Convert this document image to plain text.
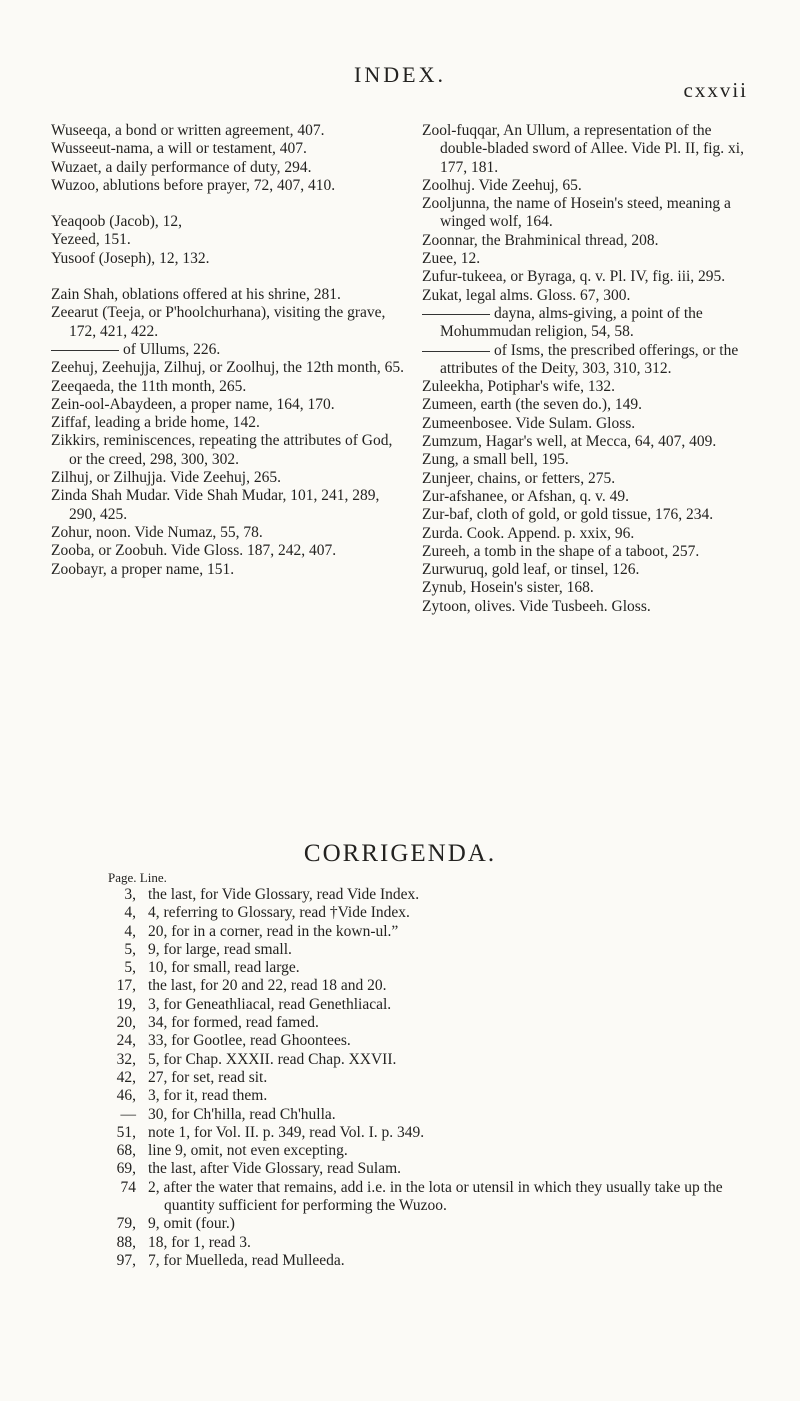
INDEX.
cxxvii
Wuseeqa, a bond or written agreement, 407.
Wusseeut-nama, a will or testament, 407.
Wuzaet, a daily performance of duty, 294.
Wuzoo, ablutions before prayer, 72, 407, 410.
Yeaqoob (Jacob), 12,
Yezeed, 151.
Yusoof (Joseph), 12, 132.
Zain Shah, oblations offered at his shrine, 281.
Zeearut (Teeja, or P'hoolchurhana), visiting the grave, 172, 421, 422.
of Ullums, 226.
Zeehuj, Zeehujja, Zilhuj, or Zoolhuj, the 12th month, 65.
Zeeqaeda, the 11th month, 265.
Zein-ool-Abaydeen, a proper name, 164, 170.
Ziffaf, leading a bride home, 142.
Zikkirs, reminiscences, repeating the attributes of God, or the creed, 298, 300, 302.
Zilhuj, or Zilhujja. Vide Zeehuj, 265.
Zinda Shah Mudar. Vide Shah Mudar, 101, 241, 289, 290, 425.
Zohur, noon. Vide Numaz, 55, 78.
Zooba, or Zoobuh. Vide Gloss. 187, 242, 407.
Zoobayr, a proper name, 151.
Zool-fuqqar, An Ullum, a representation of the double-bladed sword of Allee. Vide Pl. II, fig. xi, 177, 181.
Zoolhuj. Vide Zeehuj, 65.
Zooljunna, the name of Hosein's steed, meaning a winged wolf, 164.
Zoonnar, the Brahminical thread, 208.
Zuee, 12.
Zufur-tukeea, or Byraga, q. v. Pl. IV, fig. iii, 295.
Zukat, legal alms. Gloss. 67, 300.
dayna, alms-giving, a point of the Mohummudan religion, 54, 58.
of Isms, the prescribed offerings, or the attributes of the Deity, 303, 310, 312.
Zuleekha, Potiphar's wife, 132.
Zumeen, earth (the seven do.), 149.
Zumeenbosee. Vide Sulam. Gloss.
Zumzum, Hagar's well, at Mecca, 64, 407, 409.
Zung, a small bell, 195.
Zunjeer, chains, or fetters, 275.
Zur-afshanee, or Afshan, q. v. 49.
Zur-baf, cloth of gold, or gold tissue, 176, 234.
Zurda. Cook. Append. p. xxix, 96.
Zureeh, a tomb in the shape of a taboot, 257.
Zurwuruq, gold leaf, or tinsel, 126.
Zynub, Hosein's sister, 168.
Zytoon, olives. Vide Tusbeeh. Gloss.
CORRIGENDA.
Page. Line.
3, the last, for Vide Glossary, read Vide Index.
4, 4, referring to Glossary, read †Vide Index.
4, 20, for in a corner, read in the kown-ul.”
5, 9, for large, read small.
5, 10, for small, read large.
17, the last, for 20 and 22, read 18 and 20.
19, 3, for Geneathliacal, read Genethliacal.
20, 34, for formed, read famed.
24, 33, for Gootlee, read Ghoontees.
32, 5, for Chap. XXXII. read Chap. XXVII.
42, 27, for set, read sit.
46, 3, for it, read them.
— 30, for Ch'hilla, read Ch'hulla.
51, note 1, for Vol. II. p. 349, read Vol. I. p. 349.
68, line 9, omit, not even excepting.
69, the last, after Vide Glossary, read Sulam.
74 2, after the water that remains, add i.e. in the lota or utensil in which they usually take up the quantity sufficient for performing the Wuzoo.
79, 9, omit (four.)
88, 18, for 1, read 3.
97, 7, for Muelleda, read Mulleeda.
